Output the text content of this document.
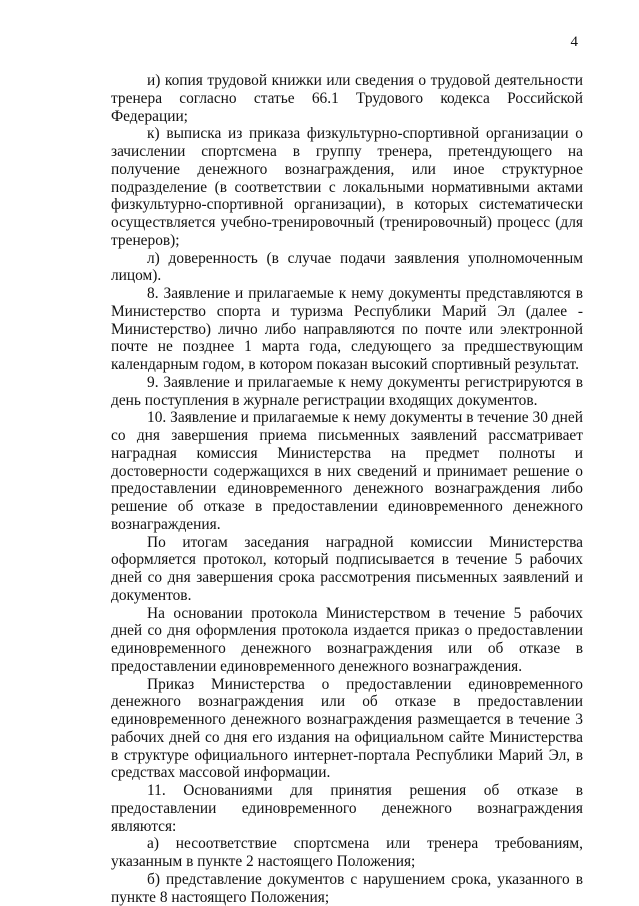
4

и) копия трудовой книжки или сведения о трудовой деятельности тренера согласно статье 66.1 Трудового кодекса Российской Федерации;

к) выписка из приказа физкультурно-спортивной организации о зачислении спортсмена в группу тренера, претендующего на получение денежного вознаграждения, или иное структурное подразделение (в соответствии с локальными нормативными актами физкультурно-спортивной организации), в которых систематически осуществляется учебно-тренировочный (тренировочный) процесс (для тренеров);

л) доверенность (в случае подачи заявления уполномоченным лицом).

8. Заявление и прилагаемые к нему документы представляются в Министерство спорта и туризма Республики Марий Эл (далее - Министерство) лично либо направляются по почте или электронной почте не позднее 1 марта года, следующего за предшествующим календарным годом, в котором показан высокий спортивный результат.

9. Заявление и прилагаемые к нему документы регистрируются в день поступления в журнале регистрации входящих документов.

10. Заявление и прилагаемые к нему документы в течение 30 дней со дня завершения приема письменных заявлений рассматривает наградная комиссия Министерства на предмет полноты и достоверности содержащихся в них сведений и принимает решение о предоставлении единовременного денежного вознаграждения либо решение об отказе в предоставлении единовременного денежного вознаграждения.

По итогам заседания наградной комиссии Министерства оформляется протокол, который подписывается в течение 5 рабочих дней со дня завершения срока рассмотрения письменных заявлений и документов.

На основании протокола Министерством в течение 5 рабочих дней со дня оформления протокола издается приказ о предоставлении единовременного денежного вознаграждения или об отказе в предоставлении единовременного денежного вознаграждения.

Приказ Министерства о предоставлении единовременного денежного вознаграждения или об отказе в предоставлении единовременного денежного вознаграждения размещается в течение 3 рабочих дней со дня его издания на официальном сайте Министерства в структуре официального интернет-портала Республики Марий Эл, в средствах массовой информации.

11. Основаниями для принятия решения об отказе в предоставлении единовременного денежного вознаграждения являются:

а) несоответствие спортсмена или тренера требованиям, указанным в пункте 2 настоящего Положения;

б) представление документов с нарушением срока, указанного в пункте 8 настоящего Положения;
